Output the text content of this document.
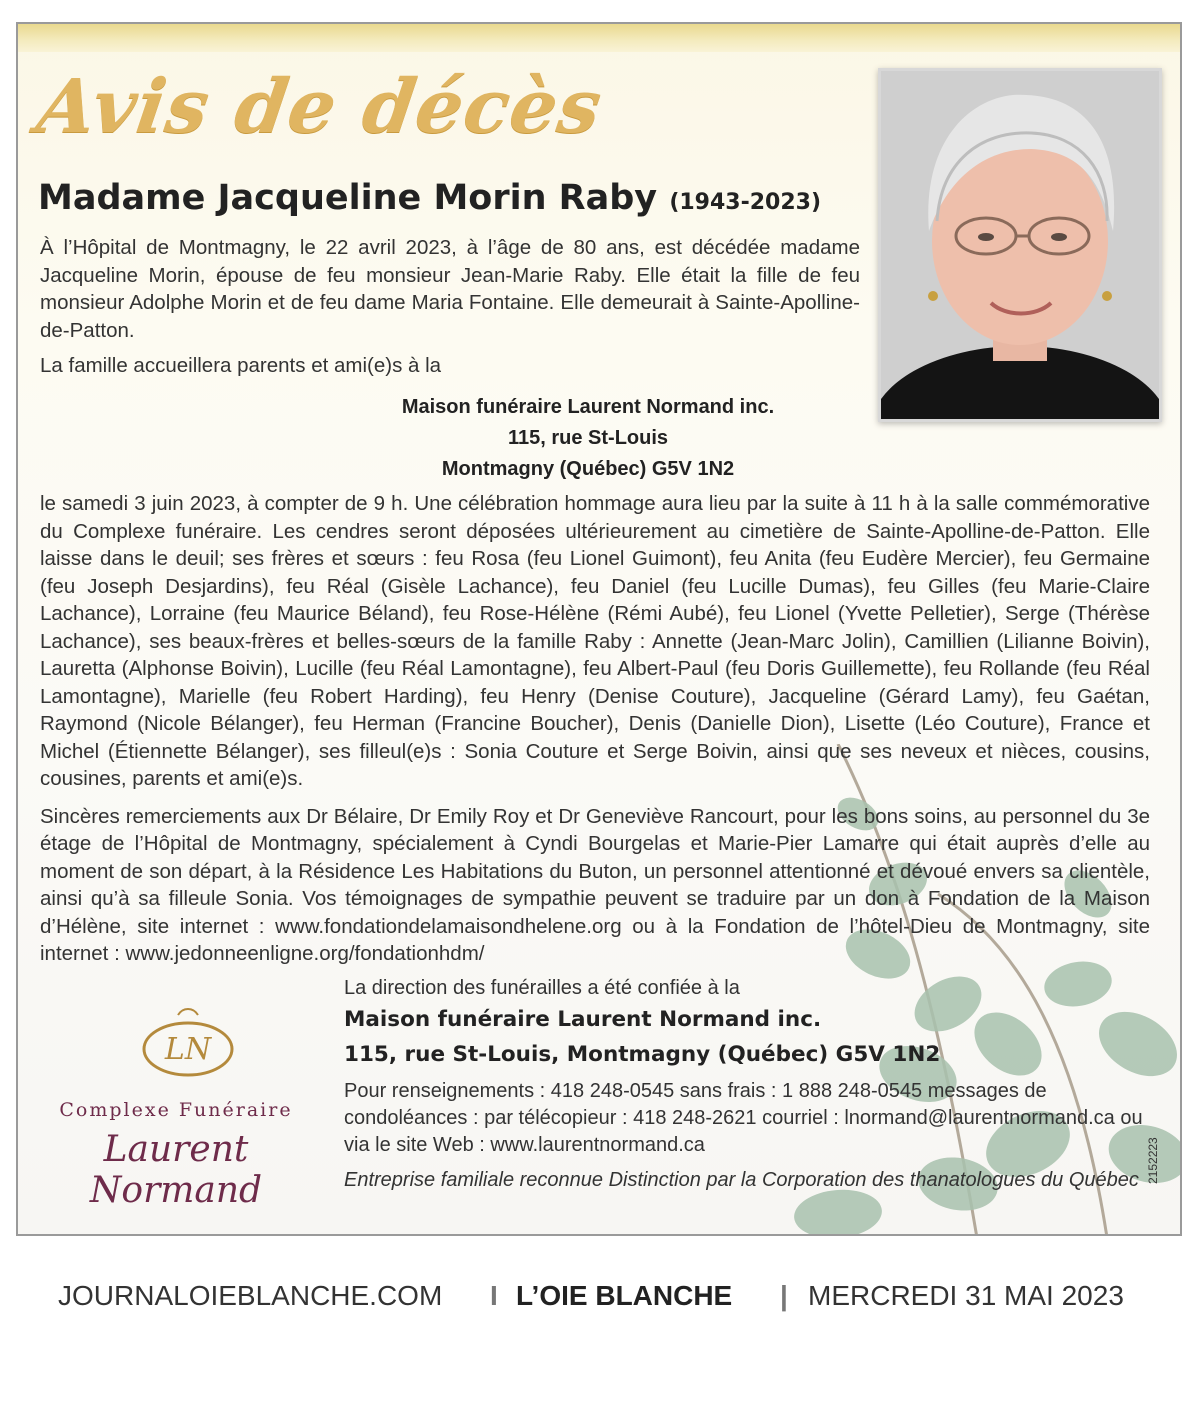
Avis de décès
Madame Jacqueline Morin Raby (1943-2023)

À l’Hôpital de Montmagny, le 22 avril 2023, à l’âge de 80 ans, est décédée madame Jacqueline Morin, épouse de feu monsieur Jean-Marie Raby. Elle était la fille de feu monsieur Adolphe Morin et de feu dame Maria Fontaine. Elle demeurait à Sainte-Apolline-de-Patton.

La famille accueillera parents et ami(e)s à la

Maison funéraire Laurent Normand inc.
115, rue St-Louis
Montmagny (Québec) G5V 1N2

le samedi 3 juin 2023, à compter de 9 h. Une célébration hommage aura lieu par la suite à 11 h à la salle commémorative du Complexe funéraire. Les cendres seront déposées ultérieurement au cimetière de Sainte-Apolline-de-Patton. Elle laisse dans le deuil; ses frères et sœurs : feu Rosa (feu Lionel Guimont), feu Anita (feu Eudère Mercier), feu Germaine (feu Joseph Desjardins), feu Réal (Gisèle Lachance), feu Daniel (feu Lucille Dumas), feu Gilles (feu Marie-Claire Lachance), Lorraine (feu Maurice Béland), feu Rose-Hélène (Rémi Aubé), feu Lionel (Yvette Pelletier), Serge (Thérèse Lachance), ses beaux-frères et belles-sœurs de la famille Raby : Annette (Jean-Marc Jolin), Camillien (Lilianne Boivin), Lauretta (Alphonse Boivin), Lucille (feu Réal Lamontagne), feu Albert-Paul (feu Doris Guillemette), feu Rollande (feu Réal Lamontagne), Marielle (feu Robert Harding), feu Henry (Denise Couture), Jacqueline (Gérard Lamy), feu Gaétan, Raymond (Nicole Bélanger), feu Herman (Francine Boucher), Denis (Danielle Dion), Lisette (Léo Couture), France et Michel (Étiennette Bélanger), ses filleul(e)s : Sonia Couture et Serge Boivin, ainsi que ses neveux et nièces, cousins, cousines, parents et ami(e)s.

Sincères remerciements aux Dr Bélaire, Dr Emily Roy et Dr Geneviève Rancourt, pour les bons soins, au personnel du 3e étage de l’Hôpital de Montmagny, spécialement à Cyndi Bourgelas et Marie-Pier Lamarre qui était auprès d’elle au moment de son départ, à la Résidence Les Habitations du Buton, un personnel attentionné et dévoué envers sa clientèle, ainsi qu’à sa filleule Sonia. Vos témoignages de sympathie peuvent se traduire par un don à Fondation de la Maison d’Hélène, site internet : www.fondationdelamaisondhelene.org ou à la Fondation de l’hôtel-Dieu de Montmagny, site internet : www.jedonneenligne.org/fondationhdm/

LN
Complexe Funéraire
Laurent Normand
La direction des funérailles a été confiée à la
Maison funéraire Laurent Normand inc.
115, rue St-Louis, Montmagny (Québec) G5V 1N2
Pour renseignements : 418 248-0545 sans frais : 1 888 248-0545 messages de condoléances : par télécopieur : 418 248-2621 courriel : lnormand@laurentnormand.ca ou via le site Web : www.laurentnormand.ca
Entreprise familiale reconnue Distinction par la Corporation des thanatologues du Québec 2152223
JOURNALOIEBLANCHE.COM I L’OIE BLANCHE | MERCREDI 31 MAI 2023
